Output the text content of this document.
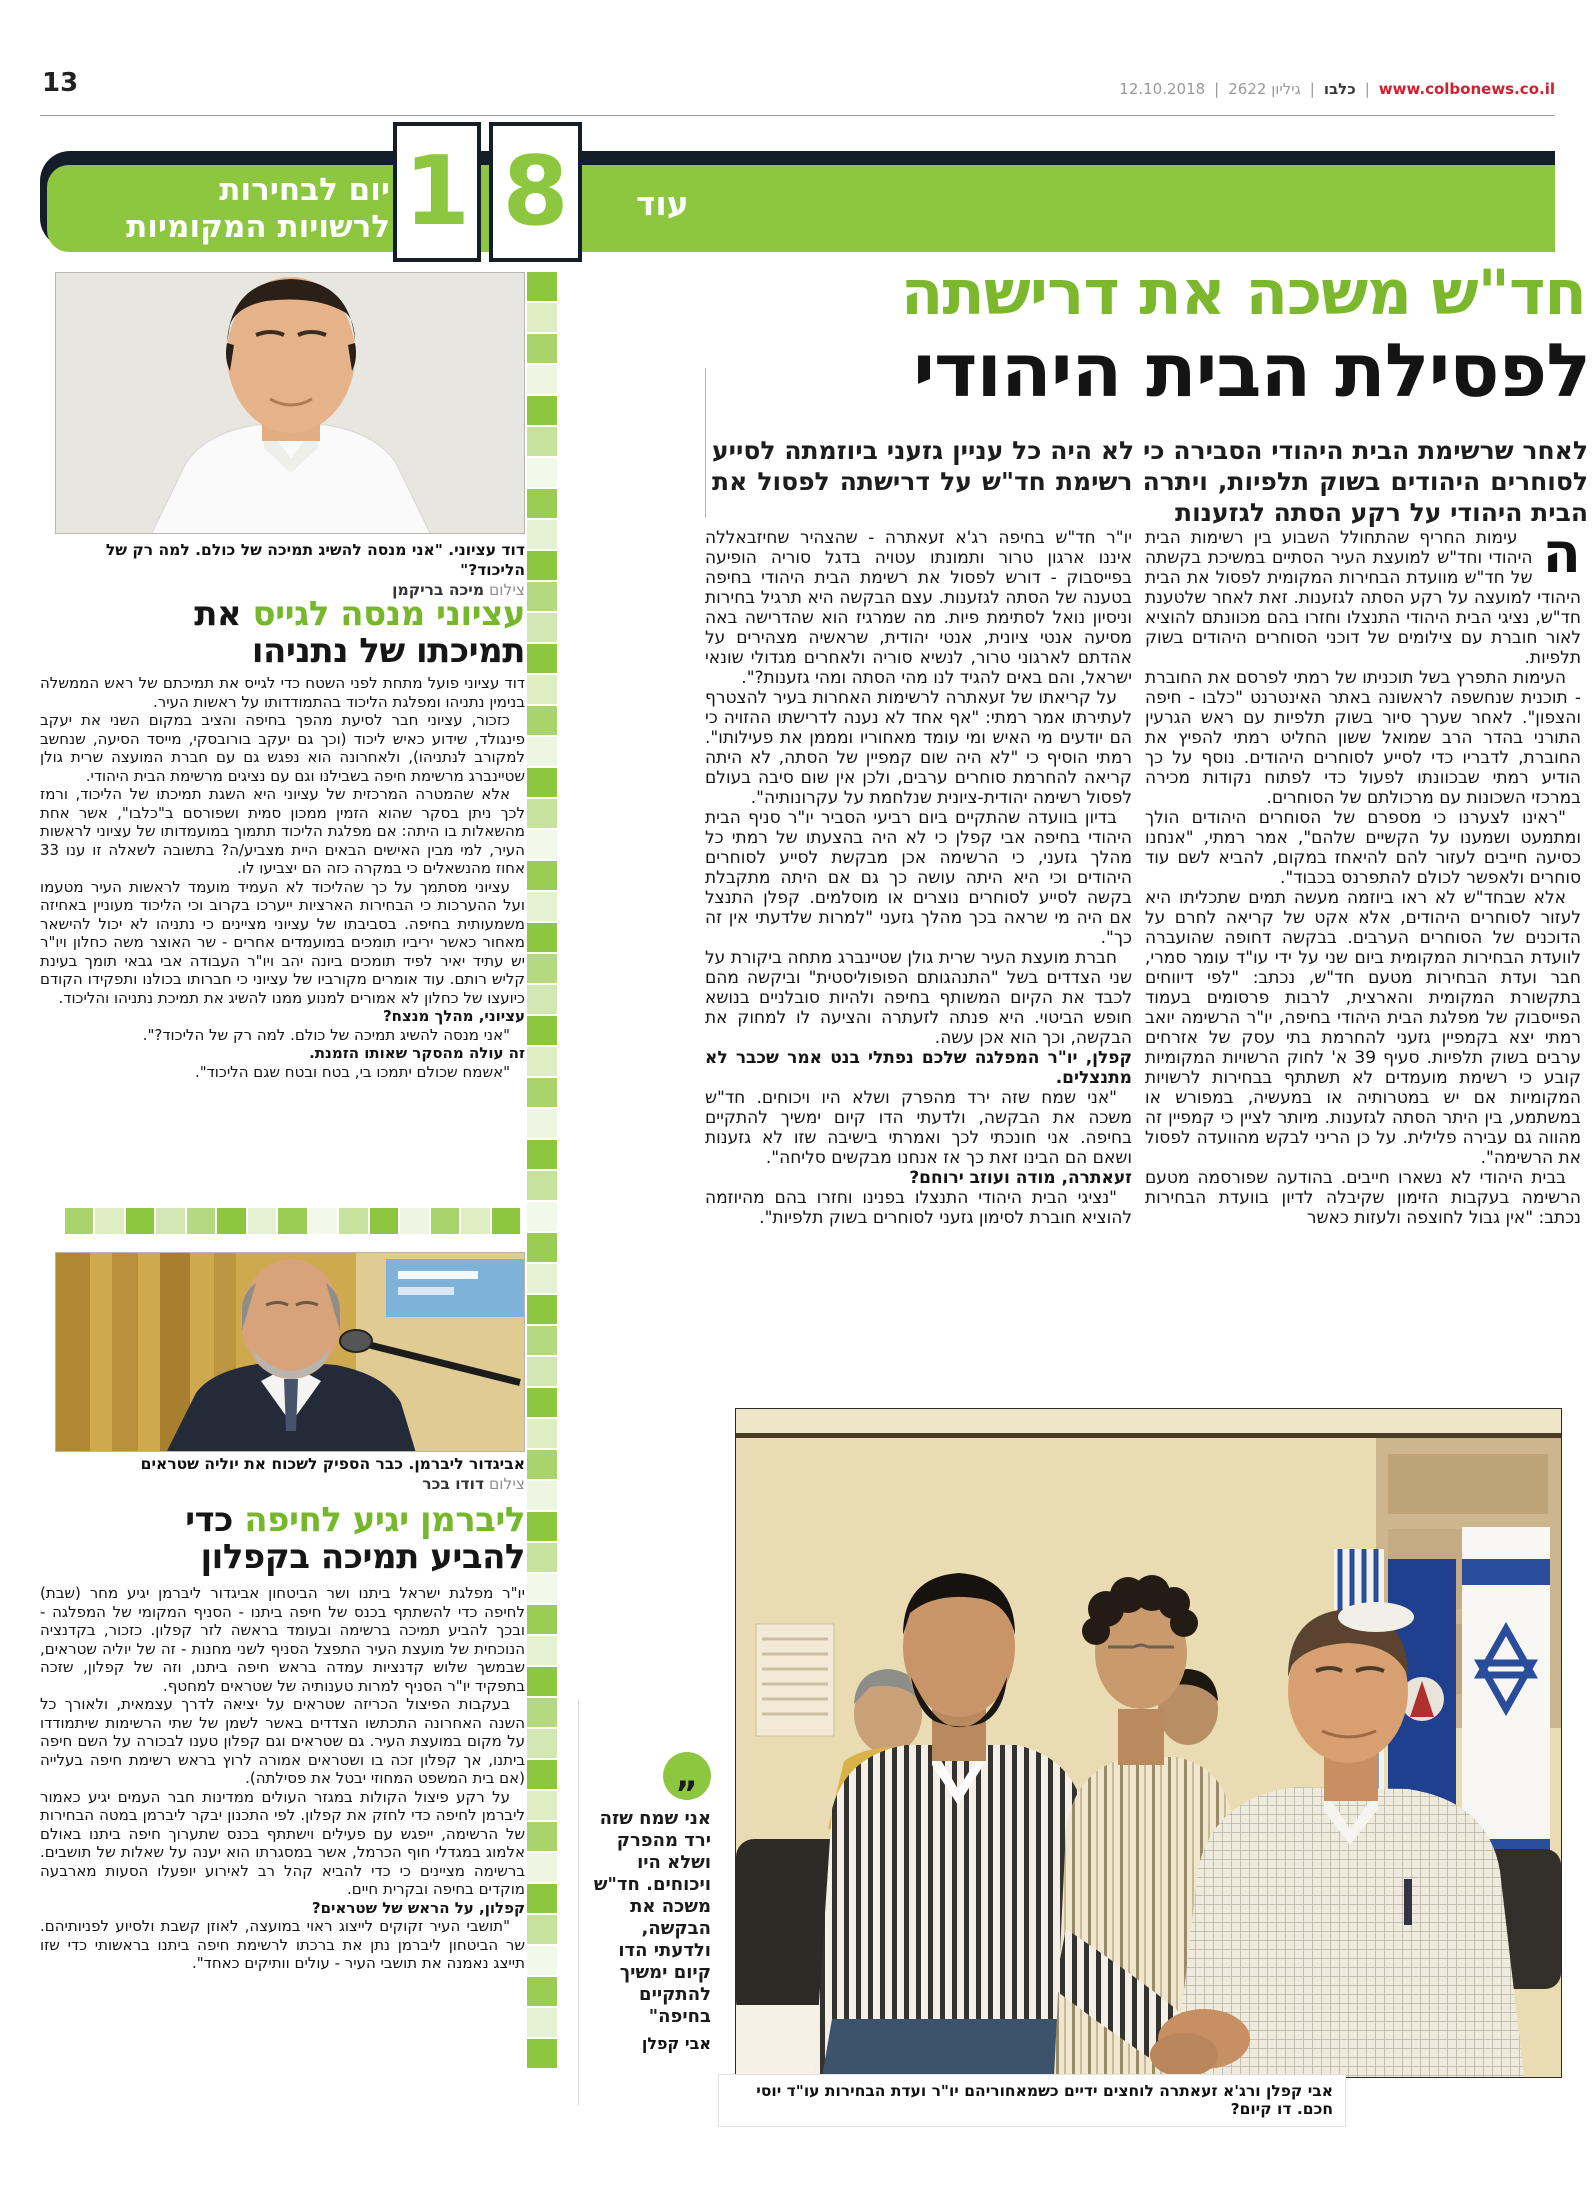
13	12.10.2018 | 2622 גיליון | כלבו | www.colbonews.co.il
יום לבחירות
לרשויות המקומיות 1 8 עוד
דוד עציוני. "אני מנסה להשיג תמיכה של כולם. למה רק של הליכוד?"
צילום מיכה בריקמן
עציוני מנסה לגייס את
תמיכתו של נתניהו

דוד עציוני פועל מתחת לפני השטח כדי לגייס את תמיכתם של ראש הממשלה בנימין נתניהו ומפלגת הליכוד בהתמודדותו על ראשות העיר.

כזכור, עציוני חבר לסיעת מהפך בחיפה והציב במקום השני את יעקב פינגולד, שידוע כאיש ליכוד (וכך גם יעקב בורובסקי, מייסד הסיעה, שנחשב למקורב לנתניהו), ולאחרונה הוא נפגש גם עם חברת המועצה שרית גולן שטיינברג מרשימת חיפה בשבילנו וגם עם נציגים מרשימת הבית היהודי.

אלא שהמטרה המרכזית של עציוני היא השגת תמיכתו של הליכוד, ורמז לכך ניתן בסקר שהוא הזמין ממכון סמית ושפורסם ב"כלבו", אשר אחת מהשאלות בו היתה: אם מפלגת הליכוד תתמוך במועמדותו של עציוני לראשות העיר, למי מבין האישים הבאים היית מצביע/ה? בתשובה לשאלה זו ענו 33 אחוז מהנשאלים כי במקרה כזה הם יצביעו לו.

עציוני מסתמך על כך שהליכוד לא העמיד מועמד לראשות העיר מטעמו ועל ההערכות כי הבחירות הארציות ייערכו בקרוב וכי הליכוד מעוניין באחיזה משמעותית בחיפה. בסביבתו של עציוני מציינים כי נתניהו לא יכול להישאר מאחור כאשר יריביו תומכים במועמדים אחרים - שר האוצר משה כחלון ויו"ר יש עתיד יאיר לפיד תומכים ביונה יהב ויו"ר העבודה אבי גבאי תומך בעינת קליש רותם. עוד אומרים מקורביו של עציוני כי חברותו בכולנו ותפקידו הקודם כיועצו של כחלון לא אמורים למנוע ממנו להשיג את תמיכת נתניהו והליכוד.

עציוני, מהלך מנצח?

"אני מנסה להשיג תמיכה של כולם. למה רק של הליכוד?".

זה עולה מהסקר שאותו הזמנת.

"אשמח שכולם יתמכו בי, בטח ובטח שגם הליכוד".

אביגדור ליברמן. כבר הספיק לשכוח את יוליה שטראים
צילום דודו בכר
ליברמן יגיע לחיפה כדי
להביע תמיכה בקפלון

יו"ר מפלגת ישראל ביתנו ושר הביטחון אביגדור ליברמן יגיע מחר (שבת) לחיפה כדי להשתתף בכנס של חיפה ביתנו - הסניף המקומי של המפלגה - ובכך להביע תמיכה ברשימה ובעומד בראשה לזר קפלון. כזכור, בקדנציה הנוכחית של מועצת העיר התפצל הסניף לשני מחנות - זה של יוליה שטראים, שבמשך שלוש קדנציות עמדה בראש חיפה ביתנו, וזה של קפלון, שזכה בתפקיד יו"ר הסניף למרות טענותיה של שטראים למחטף.

בעקבות הפיצול הכריזה שטראים על יציאה לדרך עצמאית, ולאורך כל השנה האחרונה התכתשו הצדדים באשר לשמן של שתי הרשימות שיתמודדו על מקום במועצת העיר. גם שטראים וגם קפלון טענו לבכורה על השם חיפה ביתנו, אך קפלון זכה בו ושטראים אמורה לרוץ בראש רשימת חיפה בעלייה (אם בית המשפט המחוזי יבטל את פסילתה).

על רקע פיצול הקולות במגזר העולים ממדינות חבר העמים יגיע כאמור ליברמן לחיפה כדי לחזק את קפלון. לפי התכנון יבקר ליברמן במטה הבחירות של הרשימה, ייפגש עם פעילים וישתתף בכנס שתערוך חיפה ביתנו באולם אלמוג במגדלי חוף הכרמל, אשר במסגרתו הוא יענה על שאלות של תושבים. ברשימה מציינים כי כדי להביא קהל רב לאירוע יופעלו הסעות מארבעה מוקדים בחיפה ובקרית חיים.

קפלון, על הראש של שטראים?

"תושבי העיר זקוקים לייצוג ראוי במועצה, לאוזן קשבת ולסיוע לפניותיהם. שר הביטחון ליברמן נתן את ברכתו לרשימת חיפה ביתנו בראשותי כדי שזו תייצג נאמנה את תושבי העיר - עולים וותיקים כאחד".

חד"ש משכה את דרישתה
לפסילת הבית היהודי
לאחר שרשימת הבית היהודי הסבירה כי לא היה כל עניין גזעני ביוזמתה לסייע לסוחרים היהודים בשוק תלפיות, ויתרה רשימת חד"ש על דרישתה לפסול את הבית היהודי על רקע הסתה לגזענות
ה

עימות החריף שהתחולל השבוע בין רשימות הבית היהודי וחד"ש למועצת העיר הסתיים במשיכת בקשתה של חד"ש מוועדת הבחירות המקומית לפסול את הבית היהודי למועצה על רקע הסתה לגזענות. זאת לאחר שלטענת חד"ש, נציגי הבית היהודי התנצלו וחזרו בהם מכוונתם להוציא לאור חוברת עם צילומים של דוכני הסוחרים היהודים בשוק תלפיות.

העימות התפרץ בשל תוכניתו של רמתי לפרסם את החוברת - תוכנית שנחשפה לראשונה באתר האינטרנט "כלבו - חיפה והצפון". לאחר שערך סיור בשוק תלפיות עם ראש הגרעין התורני בהדר הרב שמואל ששון החליט רמתי להפיץ את החוברת, לדבריו כדי לסייע לסוחרים היהודים. נוסף על כך הודיע רמתי שבכוונתו לפעול כדי לפתוח נקודות מכירה במרכזי השכונות עם מרכולתם של הסוחרים.

"ראינו לצערנו כי מספרם של הסוחרים היהודים הולך ומתמעט ושמענו על הקשיים שלהם", אמר רמתי, "אנחנו כסיעה חייבים לעזור להם להיאחז במקום, להביא לשם עוד סוחרים ולאפשר לכולם להתפרנס בכבוד".

אלא שבחד"ש לא ראו ביוזמה מעשה תמים שתכליתו היא לעזור לסוחרים היהודים, אלא אקט של קריאה לחרם על הדוכנים של הסוחרים הערבים. בבקשה דחופה שהועברה לוועדת הבחירות המקומית ביום שני על ידי עו"ד עומר סמרי, חבר ועדת הבחירות מטעם חד"ש, נכתב: "לפי דיווחים בתקשורת המקומית והארצית, לרבות פרסומים בעמוד הפייסבוק של מפלגת הבית היהודי בחיפה, יו"ר הרשימה יואב רמתי יצא בקמפיין גזעני להחרמת בתי עסק של אזרחים ערבים בשוק תלפיות. סעיף 39 א' לחוק הרשויות המקומיות קובע כי רשימת מועמדים לא תשתתף בבחירות לרשויות המקומיות אם יש במטרותיה או במעשיה, במפורש או במשתמע, בין היתר הסתה לגזענות. מיותר לציין כי קמפיין זה מהווה גם עבירה פלילית. על כן הריני לבקש מהוועדה לפסול את הרשימה".

בבית היהודי לא נשארו חייבים. בהודעה שפורסמה מטעם הרשימה בעקבות הזימון שקיבלה לדיון בוועדת הבחירות נכתב: "אין גבול לחוצפה ולעזות כאשר

יו"ר חד"ש בחיפה רג'א זעאתרה - שהצהיר שחיזבאללה איננו ארגון טרור ותמונתו עטויה בדגל סוריה הופיעה בפייסבוק - דורש לפסול את רשימת הבית היהודי בחיפה בטענה של הסתה לגזענות. עצם הבקשה היא תרגיל בחירות וניסיון נואל לסתימת פיות. מה שמרגיז הוא שהדרישה באה מסיעה אנטי ציונית, אנטי יהודית, שראשיה מצהירים על אהדתם לארגוני טרור, לנשיא סוריה ולאחרים מגדולי שונאי ישראל, והם באים להגיד לנו מהי הסתה ומהי גזענות?".

על קריאתו של זעאתרה לרשימות האחרות בעיר להצטרף לעתירתו אמר רמתי: "אף אחד לא נענה לדרישתו ההזויה כי הם יודעים מי האיש ומי עומד מאחוריו ומממן את פעילותו". רמתי הוסיף כי "לא היה שום קמפיין של הסתה, לא היתה קריאה להחרמת סוחרים ערבים, ולכן אין שום סיבה בעולם לפסול רשימה יהודית-ציונית שנלחמת על עקרונותיה".

בדיון בוועדה שהתקיים ביום רביעי הסביר יו"ר סניף הבית היהודי בחיפה אבי קפלן כי לא היה בהצעתו של רמתי כל מהלך גזעני, כי הרשימה אכן מבקשת לסייע לסוחרים היהודים וכי היא היתה עושה כך גם אם היתה מתקבלת בקשה לסייע לסוחרים נוצרים או מוסלמים. קפלן התנצל אם היה מי שראה בכך מהלך גזעני "למרות שלדעתי אין זה כך".

חברת מועצת העיר שרית גולן שטיינברג מתחה ביקורת על שני הצדדים בשל "התנהגותם הפופוליסטית" וביקשה מהם לכבד את הקיום המשותף בחיפה ולהיות סובלניים בנושא חופש הביטוי. היא פנתה לזעתרה והציעה לו למחוק את הבקשה, וכך הוא אכן עשה.

קפלן, יו"ר המפלגה שלכם נפתלי בנט אמר שכבר לא מתנצלים.

"אני שמח שזה ירד מהפרק ושלא היו ויכוחים. חד"ש משכה את הבקשה, ולדעתי הדו קיום ימשיך להתקיים בחיפה. אני חונכתי לכך ואמרתי בישיבה שזו לא גזענות ושאם הם הבינו זאת כך אז אנחנו מבקשים סליחה".

זעאתרה, מודה ועוזב ירוחם?

"נציגי הבית היהודי התנצלו בפנינו וחזרו בהם מהיוזמה להוציא חוברת לסימון גזעני לסוחרים בשוק תלפיות".

אבי קפלן ורג'א זעאתרה לוחצים ידיים כשמאחוריהם יו"ר ועדת הבחירות עו"ד יוסי חכם. דו קיום?
„
אני שמח שזה ירד מהפרק ושלא היו ויכוחים. חד"ש משכה את הבקשה, ולדעתי הדו קיום ימשיך להתקיים בחיפה"
אבי קפלן
